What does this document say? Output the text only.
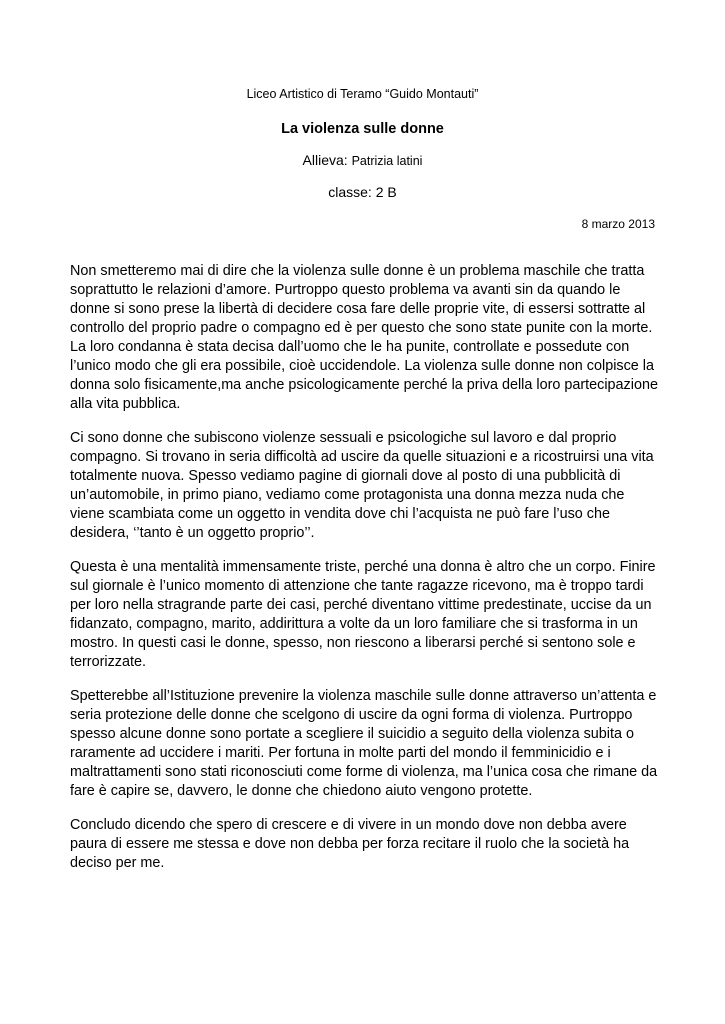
Liceo Artistico di Teramo “Guido Montauti”
La violenza sulle donne
Allieva: Patrizia latini
classe: 2 B
8 marzo 2013

Non smetteremo mai di dire che la violenza sulle donne è un problema maschile che tratta soprattutto le relazioni d’amore. Purtroppo questo problema va avanti sin da quando le donne si sono prese la libertà di decidere cosa fare delle proprie vite, di essersi sottratte al controllo del proprio padre o compagno ed è per questo che sono state punite con la morte. La loro condanna è stata decisa dall’uomo che le ha punite, controllate e possedute con l’unico modo che gli era possibile, cioè uccidendole. La violenza sulle donne non colpisce la donna solo fisicamente,ma anche psicologicamente perché la priva della loro partecipazione alla vita pubblica.

Ci sono donne che subiscono violenze sessuali e psicologiche sul lavoro e dal proprio compagno. Si trovano in seria difficoltà ad uscire da quelle situazioni e a ricostruirsi una vita totalmente nuova. Spesso vediamo pagine di giornali dove al posto di una pubblicità di un’automobile, in primo piano, vediamo come protagonista una donna mezza nuda che viene scambiata come un oggetto in vendita dove chi l’acquista ne può fare l’uso che desidera, ‘’tanto è un oggetto proprio’’.

Questa è una mentalità immensamente triste, perché una donna è altro che un corpo. Finire sul giornale è l’unico momento di attenzione che tante ragazze ricevono, ma è troppo tardi per loro nella stragrande parte dei casi, perché diventano vittime predestinate, uccise da un fidanzato, compagno, marito, addirittura a volte da un loro familiare che si trasforma in un mostro. In questi casi le donne, spesso, non riescono a liberarsi perché si sentono sole e terrorizzate.

Spetterebbe all’Istituzione prevenire la violenza maschile sulle donne attraverso un’attenta e seria protezione delle donne che scelgono di uscire da ogni forma di violenza. Purtroppo spesso alcune donne sono portate a scegliere il suicidio a seguito della violenza subita o raramente ad uccidere i mariti. Per fortuna in molte parti del mondo il femminicidio e i maltrattamenti sono stati riconosciuti come forme di violenza, ma l’unica cosa che rimane da fare è capire se, davvero, le donne che chiedono aiuto vengono protette.

Concludo dicendo che spero di crescere e di vivere in un mondo dove non debba avere paura di essere me stessa e dove non debba per forza recitare il ruolo che la società ha deciso per me.
